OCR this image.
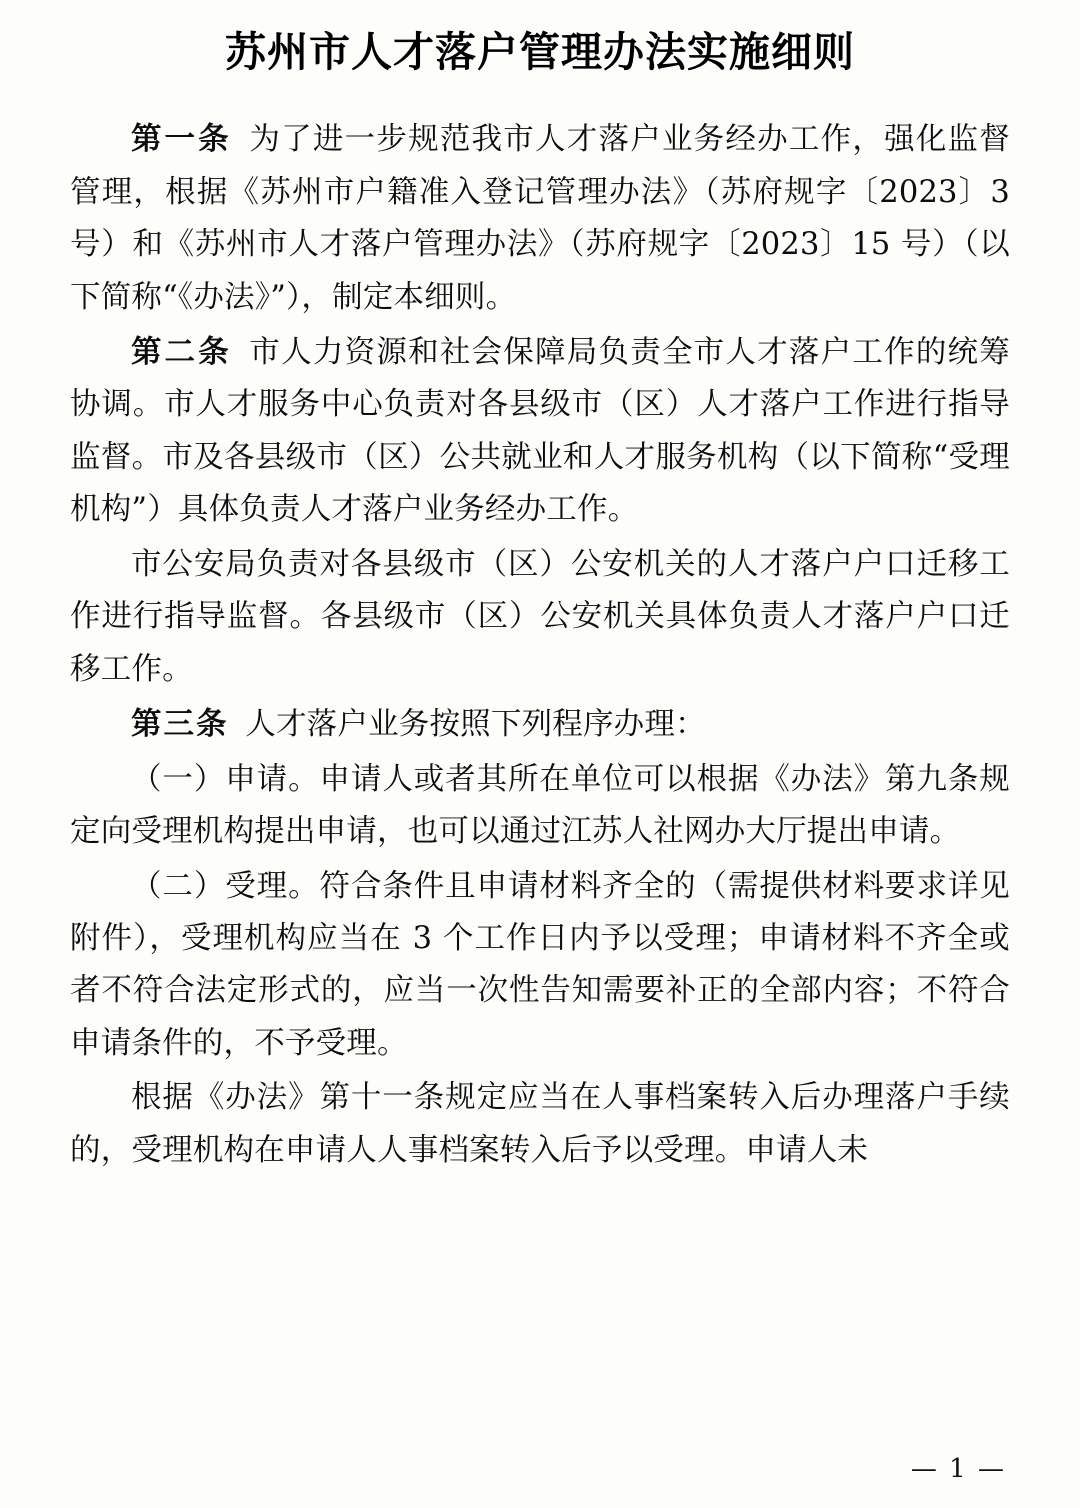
苏州市人才落户管理办法实施细则

第一条 为了进一步规范我市人才落户业务经办工作，强化监督管理，根据《苏州市户籍准入登记管理办法》（苏府规字〔2023〕3 号）和《苏州市人才落户管理办法》（苏府规字〔2023〕15 号）（以下简称“《办法》”），制定本细则。

第二条 市人力资源和社会保障局负责全市人才落户工作的统筹协调。市人才服务中心负责对各县级市（区）人才落户工作进行指导监督。市及各县级市（区）公共就业和人才服务机构（以下简称“受理机构”）具体负责人才落户业务经办工作。

市公安局负责对各县级市（区）公安机关的人才落户户口迁移工作进行指导监督。各县级市（区）公安机关具体负责人才落户户口迁移工作。

第三条 人才落户业务按照下列程序办理：

（一）申请。申请人或者其所在单位可以根据《办法》第九条规定向受理机构提出申请，也可以通过江苏人社网办大厅提出申请。

（二）受理。符合条件且申请材料齐全的（需提供材料要求详见附件），受理机构应当在 3 个工作日内予以受理；申请材料不齐全或者不符合法定形式的，应当一次性告知需要补正的全部内容；不符合申请条件的，不予受理。

根据《办法》第十一条规定应当在人事档案转入后办理落户手续的，受理机构在申请人人事档案转入后予以受理。申请人未

— 1 —
